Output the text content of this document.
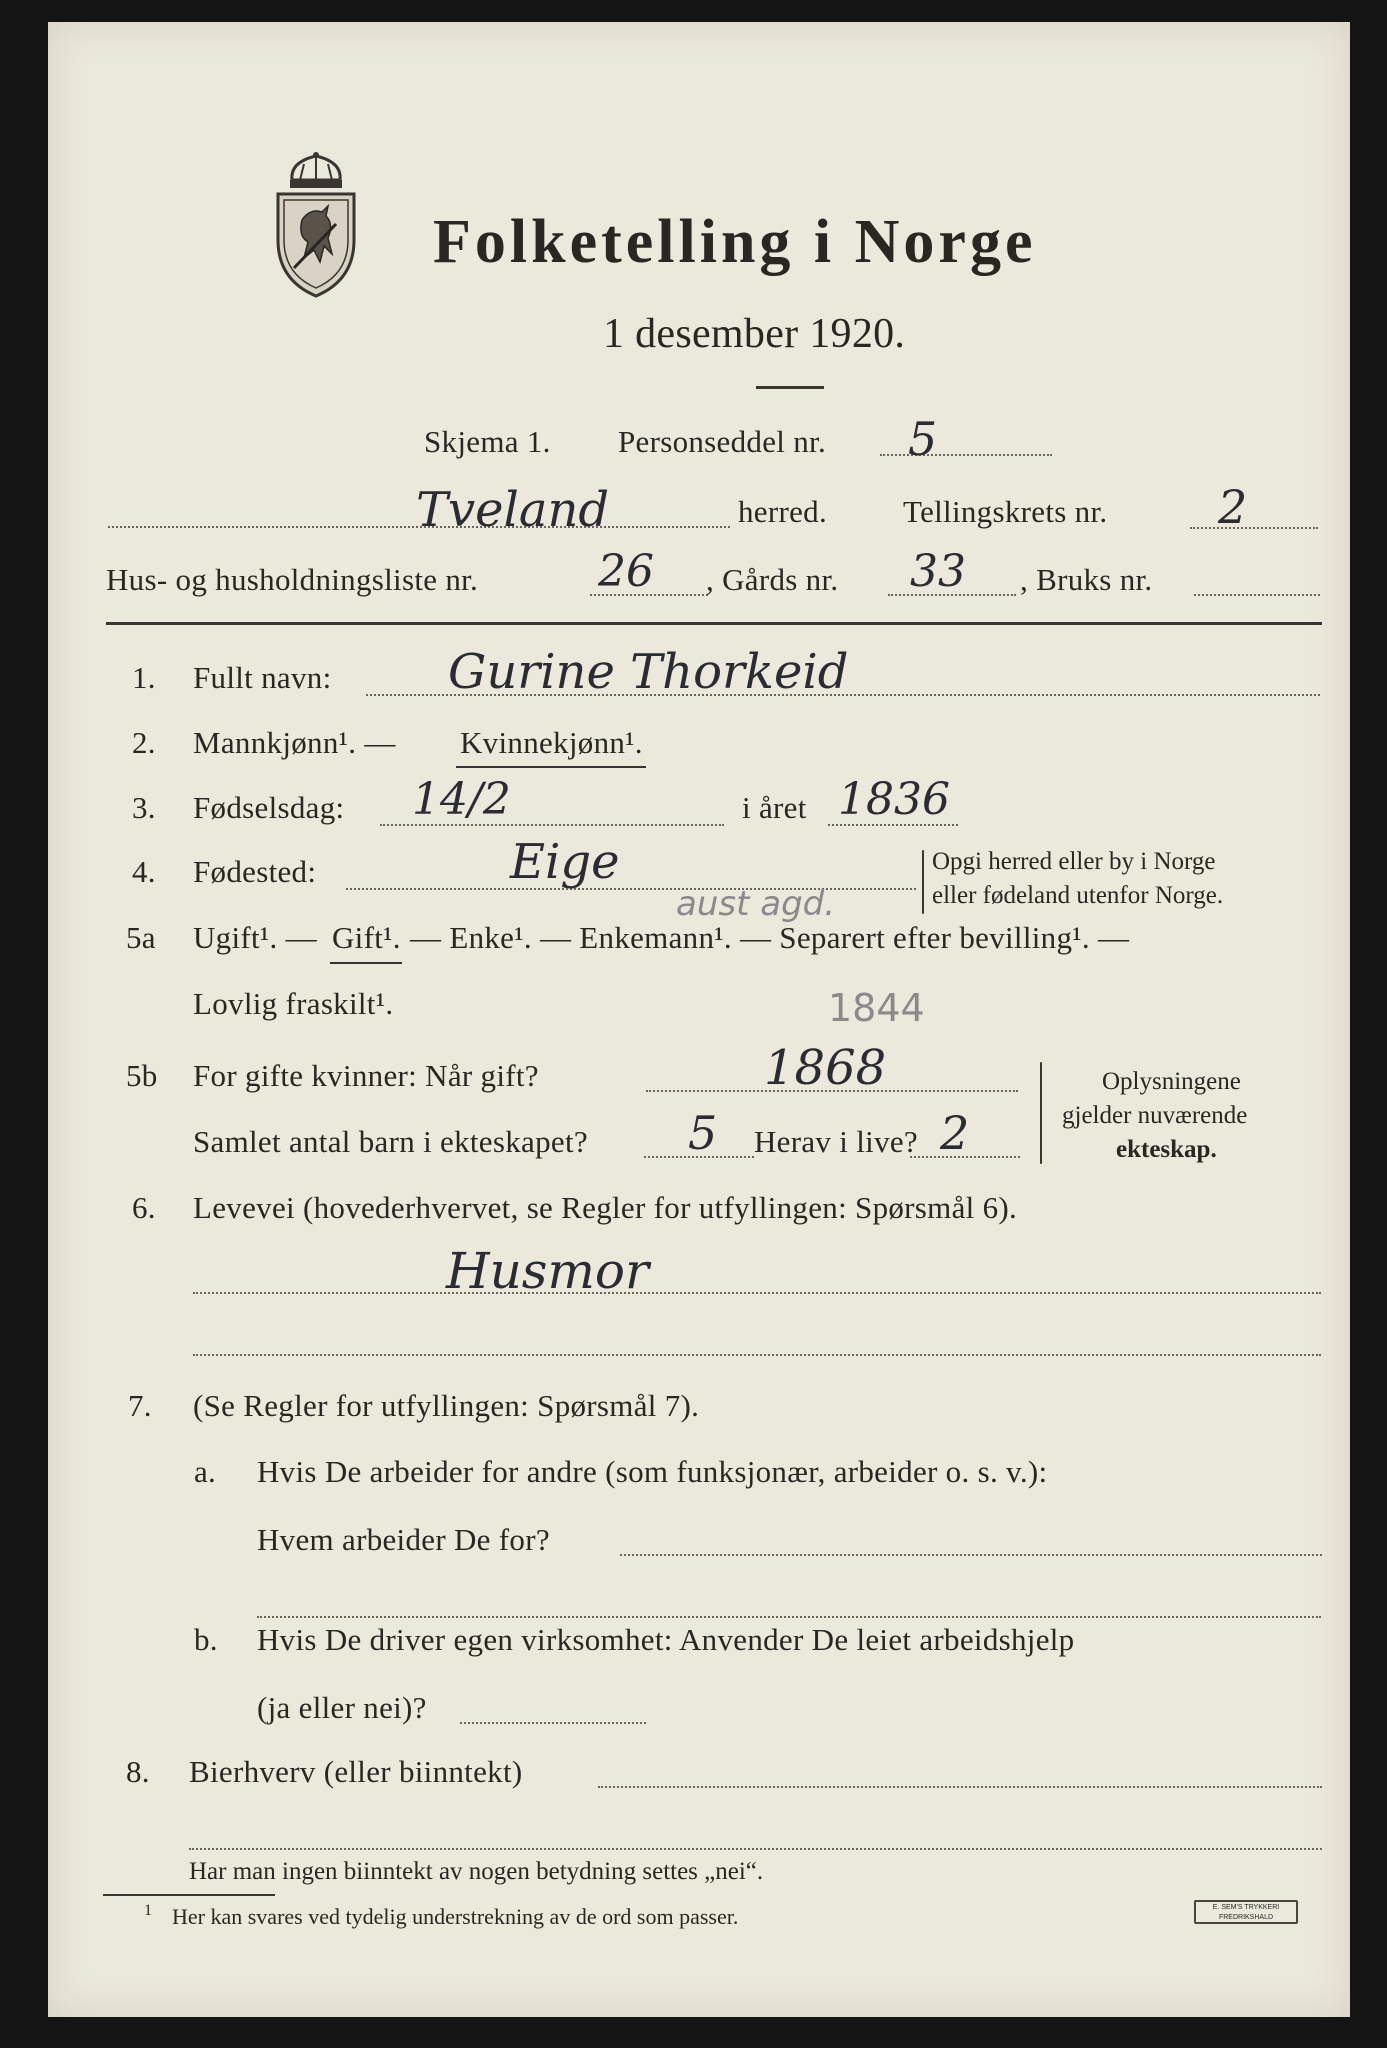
Folketelling i Norge
1 desember 1920.
Skjema 1. Personseddel nr. 5
Tveland	herred. Tellingskrets nr. 2
Hus- og husholdningsliste nr.	26 , Gårds nr. 33 , Bruks nr.
1. Fullt navn: Gurine Thorkeid
2. Mannkjønn¹. — Kvinnekjønn¹.
3. Fødselsdag: 14/2	i året 1836
4. Fødested:	Eige
aust agd.
Opgi herred eller by i Norge
eller fødeland utenfor Norge.
5a Ugift¹. — Gift¹. — Enke¹. — Enkemann¹. — Separert efter bevilling¹. —
Lovlig fraskilt¹.	1844
5b For gifte kvinner: Når gift?	1868
Samlet antal barn i ekteskapet? 5 Herav i live? 2
Oplysningene
gjelder nuværende
ekteskap.
6. Levevei (hovederhvervet, se Regler for utfyllingen: Spørsmål 6).
Husmor
7. (Se Regler for utfyllingen: Spørsmål 7).
a. Hvis De arbeider for andre (som funksjonær, arbeider o. s. v.):
Hvem arbeider De for?
b. Hvis De driver egen virksomhet: Anvender De leiet arbeidshjelp
(ja eller nei)?
8. Bierhverv (eller biinntekt)
Har man ingen biinntekt av nogen betydning settes „nei“.
1 Her kan svares ved tydelig understrekning av de ord som passer.	E. SEM'S TRYKKERI
FREDRIKSHALD
